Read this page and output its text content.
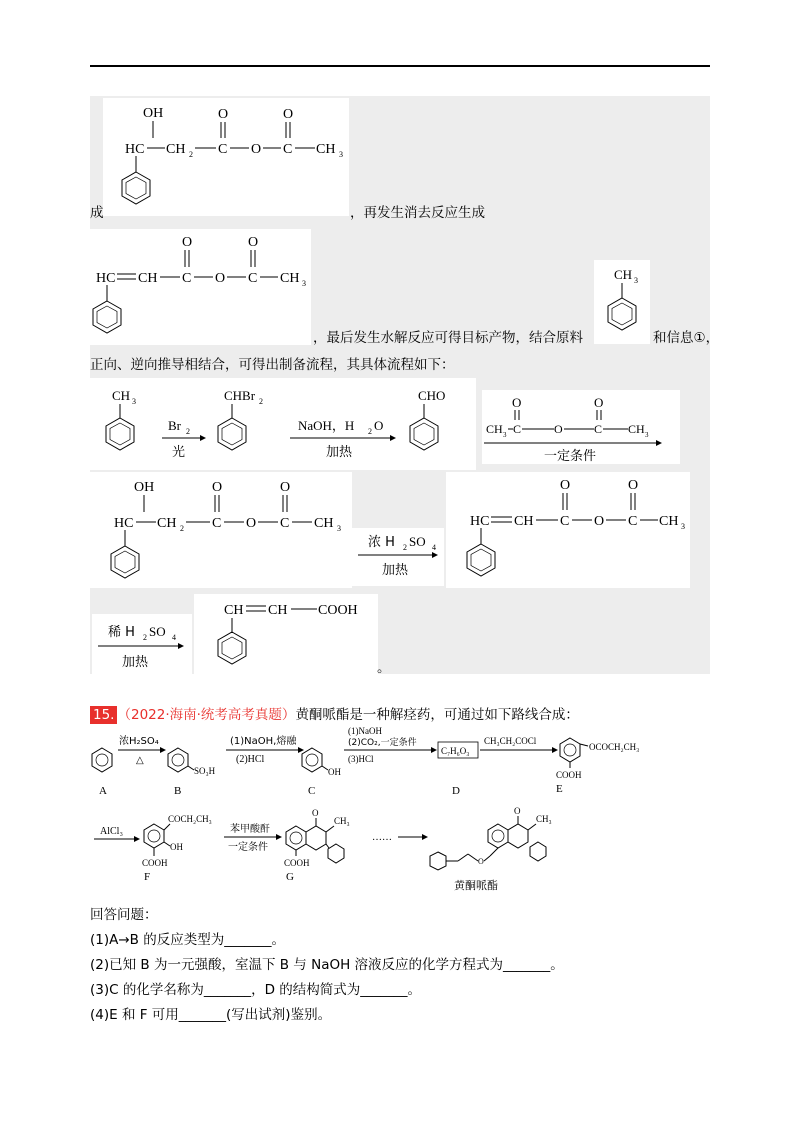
OH
HC CH 2 C
O
O C
O
CH 3
成	，再发生消去反应生成
HC CH C
O
O C
O
CH 3
，最后发生水解反应可得目标产物，结合原料
CH 3
和信息①，
正向、逆向推导相结合，可得出制备流程，其具体流程如下：
CH 3
Br 2
光
CHBr 2
NaOH，H 2 O
加热
CHO	O	O
CH 3 C	O	C CH 3
一定条件
OH
HC CH 2 C
O
O C
O
CH 3
浓 H 2 SO 4
加热
HC CH C
O
O C
O
CH 3
稀 H 2 SO 4
加热
CH CH COOH
。
15. （2022·海南·统考高考真题）黄酮哌酯是一种解痉药，可通过如下路线合成：
A
浓H₂SO₄
△
SO₃H
B
(1)NaOH,熔融
(2)HCl
OH
C
(1)NaOH
(2)CO₂,一定条件
(3)HCl
C₇H₆O₃
D
CH₃CH₂COCl
OCOCH₂CH₃
COOH
E
AlCl₃
COCH₂CH₃
OH
COOH
F
苯甲酸酐
一定条件
O
CH₃
COOH
G
……
O
O
CH₃
黄酮哌酯
回答问题：
(1)A→B 的反应类型为_______。
(2)已知 B 为一元强酸，室温下 B 与 NaOH 溶液反应的化学方程式为_______。
(3)C 的化学名称为_______，D 的结构简式为_______。
(4)E 和 F 可用_______(写出试剂)鉴别。
